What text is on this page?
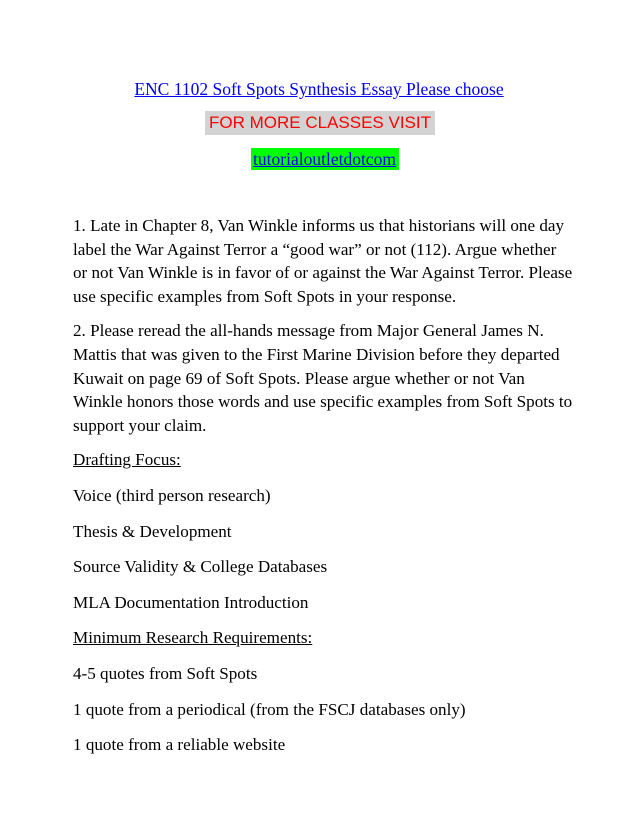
ENC 1102 Soft Spots Synthesis Essay Please choose
FOR MORE CLASSES VISIT
tutorialoutletdotcom

1. Late in Chapter 8, Van Winkle informs us that historians will one day label the War Against Terror a “good war” or not (112). Argue whether or not Van Winkle is in favor of or against the War Against Terror. Please use specific examples from Soft Spots in your response.

2. Please reread the all-hands message from Major General James N. Mattis that was given to the First Marine Division before they departed Kuwait on page 69 of Soft Spots. Please argue whether or not Van Winkle honors those words and use specific examples from Soft Spots to support your claim.

Drafting Focus:

Voice (third person research)

Thesis & Development

Source Validity & College Databases

MLA Documentation Introduction

Minimum Research Requirements:

4-5 quotes from Soft Spots

1 quote from a periodical (from the FSCJ databases only)

1 quote from a reliable website
